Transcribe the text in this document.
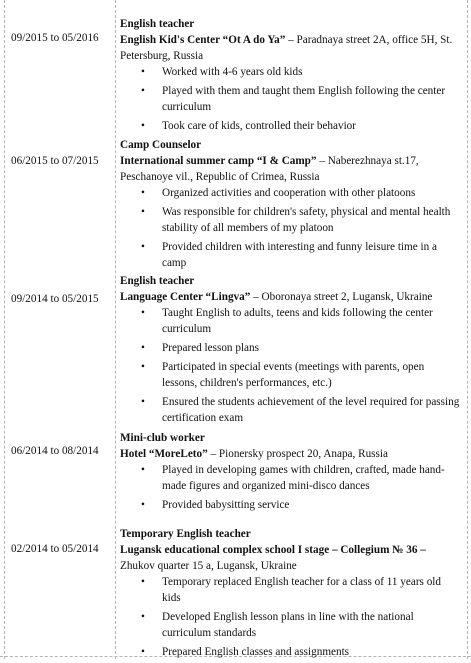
09/2015 to 05/2016
English teacher
English Kid's Center “Ot A do Ya” – Paradnaya street 2A, office 5H, St. Petersburg, Russia
• Worked with 4-6 years old kids
• Played with them and taught them English following the center curriculum
• Took care of kids, controlled their behavior
06/2015 to 07/2015
Camp Counselor
International summer camp “I & Camp” – Naberezhnaya st.17, Peschanoye vil., Republic of Crimea, Russia
• Organized activities and cooperation with other platoons
• Was responsible for children's safety, physical and mental health stability of all members of my platoon
• Provided children with interesting and funny leisure time in a camp
09/2014 to 05/2015
English teacher
Language Center “Lingva” – Oboronaya street 2, Lugansk, Ukraine
• Taught English to adults, teens and kids following the center curriculum
• Prepared lesson plans
• Participated in special events (meetings with parents, open lessons, children's performances, etc.)
• Ensured the students achievement of the level required for passing certification exam
06/2014 to 08/2014
Mini-club worker
Hotel “MoreLeto” – Pionersky prospect 20, Anapa, Russia
• Played in developing games with children, crafted, made hand-made figures and organized mini-disco dances
• Provided babysitting service
02/2014 to 05/2014
Temporary English teacher
Lugansk educational complex school I stage – Collegium № 36 – Zhukov quarter 15 a, Lugansk, Ukraine
• Temporary replaced English teacher for a class of 11 years old kids
• Developed English lesson plans in line with the national curriculum standards
• Prepared English classes and assignments
